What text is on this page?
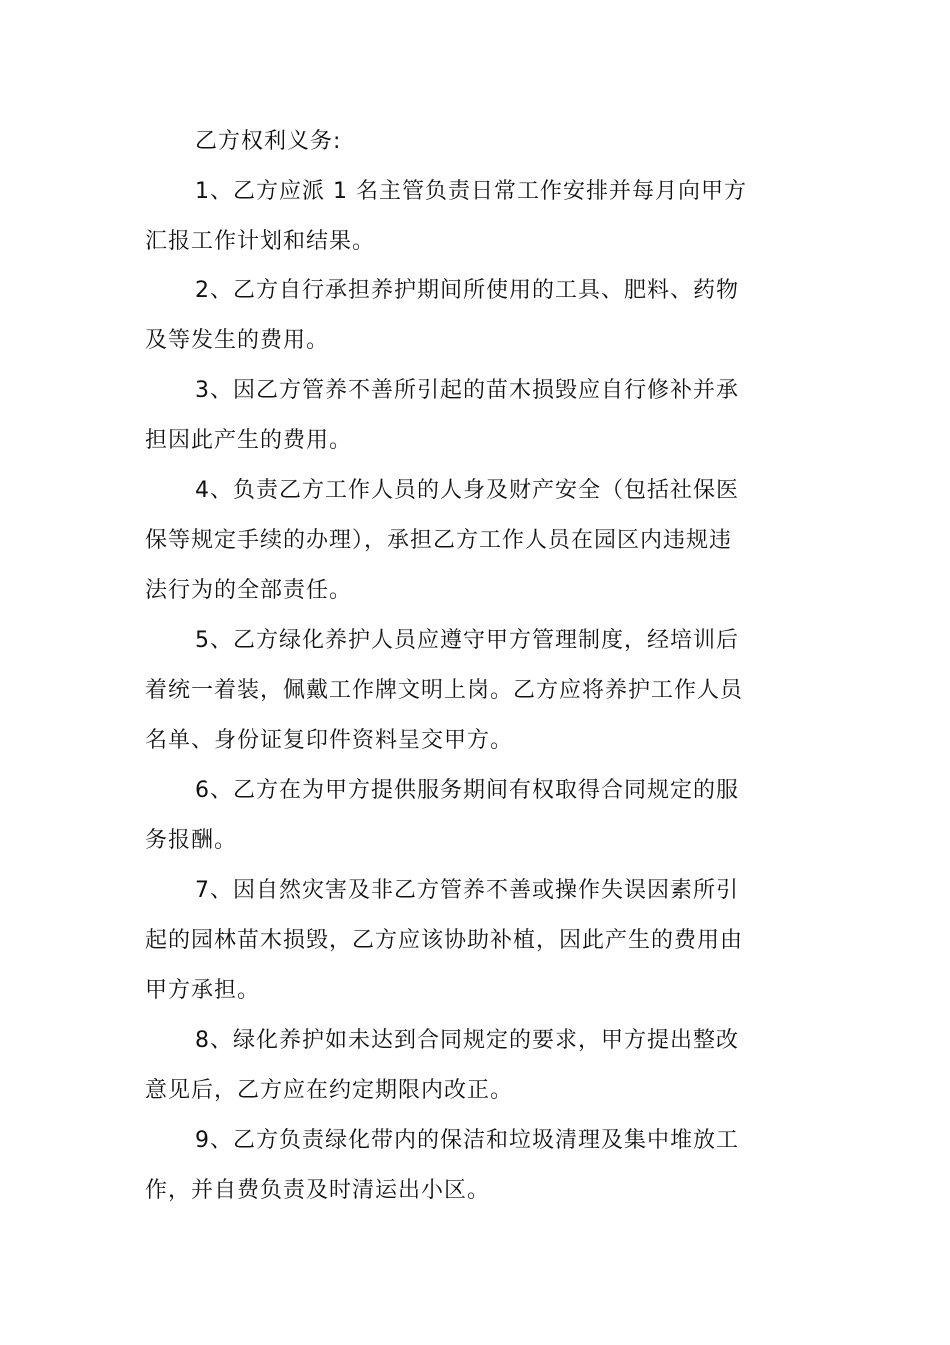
乙方权利义务:
1、乙方应派 1 名主管负责日常工作安排并每月向甲方
汇报工作计划和结果。
2、乙方自行承担养护期间所使用的工具、肥料、药物
及等发生的费用。
3、因乙方管养不善所引起的苗木损毁应自行修补并承
担因此产生的费用。
4、负责乙方工作人员的人身及财产安全（包括社保医
保等规定手续的办理），承担乙方工作人员在园区内违规违
法行为的全部责任。
5、乙方绿化养护人员应遵守甲方管理制度，经培训后
着统一着装，佩戴工作牌文明上岗。乙方应将养护工作人员
名单、身份证复印件资料呈交甲方。
6、乙方在为甲方提供服务期间有权取得合同规定的服
务报酬。
7、因自然灾害及非乙方管养不善或操作失误因素所引
起的园林苗木损毁，乙方应该协助补植，因此产生的费用由
甲方承担。
8、绿化养护如未达到合同规定的要求，甲方提出整改
意见后，乙方应在约定期限内改正。
9、乙方负责绿化带内的保洁和垃圾清理及集中堆放工
作，并自费负责及时清运出小区。
